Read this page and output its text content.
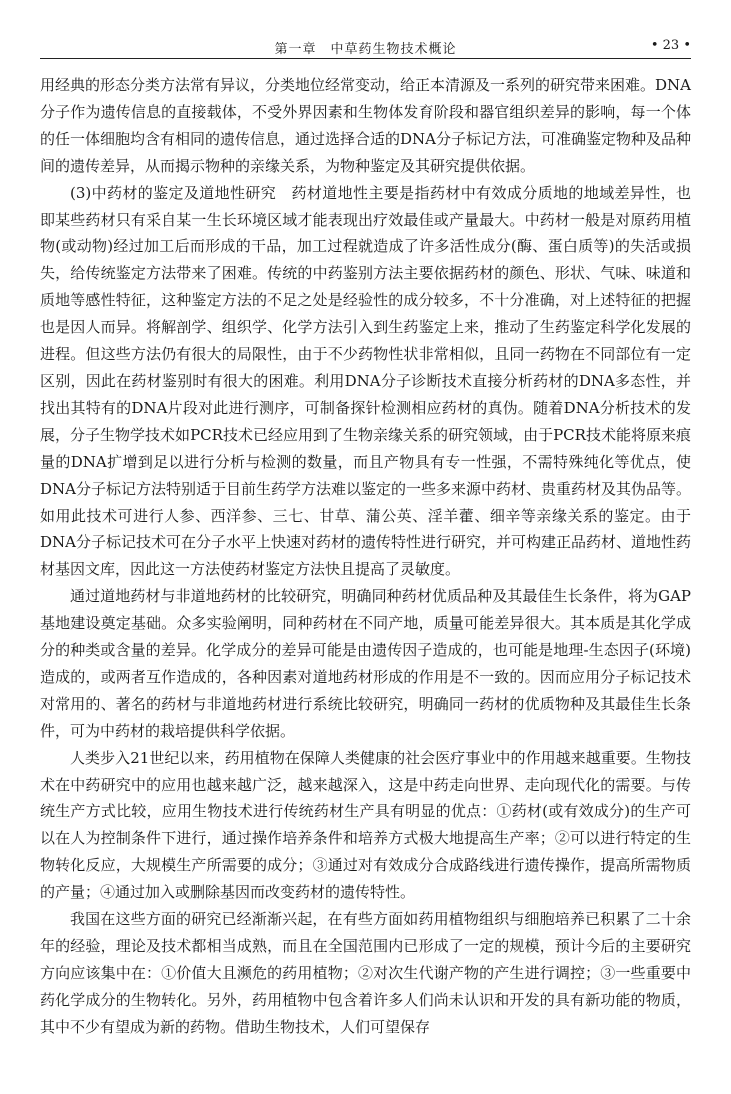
第一章　中草药生物技术概论	• 23 •

用经典的形态分类方法常有异议，分类地位经常变动，给正本清源及一系列的研究带来困难。DNA分子作为遗传信息的直接载体，不受外界因素和生物体发育阶段和器官组织差异的影响，每一个体的任一体细胞均含有相同的遗传信息，通过选择合适的DNA分子标记方法，可准确鉴定物种及品种间的遗传差异，从而揭示物种的亲缘关系，为物种鉴定及其研究提供依据。

(3)中药材的鉴定及道地性研究　药材道地性主要是指药材中有效成分质地的地域差异性，也即某些药材只有采自某一生长环境区域才能表现出疗效最佳或产量最大。中药材一般是对原药用植物(或动物)经过加工后而形成的干品，加工过程就造成了许多活性成分(酶、蛋白质等)的失活或损失，给传统鉴定方法带来了困难。传统的中药鉴别方法主要依据药材的颜色、形状、气味、味道和质地等感性特征，这种鉴定方法的不足之处是经验性的成分较多，不十分准确，对上述特征的把握也是因人而异。将解剖学、组织学、化学方法引入到生药鉴定上来，推动了生药鉴定科学化发展的进程。但这些方法仍有很大的局限性，由于不少药物性状非常相似，且同一药物在不同部位有一定区别，因此在药材鉴别时有很大的困难。利用DNA分子诊断技术直接分析药材的DNA多态性，并找出其特有的DNA片段对此进行测序，可制备探针检测相应药材的真伪。随着DNA分析技术的发展，分子生物学技术如PCR技术已经应用到了生物亲缘关系的研究领域，由于PCR技术能将原来痕量的DNA扩增到足以进行分析与检测的数量，而且产物具有专一性强，不需特殊纯化等优点，使DNA分子标记方法特别适于目前生药学方法难以鉴定的一些多来源中药材、贵重药材及其伪品等。如用此技术可进行人参、西洋参、三七、甘草、蒲公英、淫羊藿、细辛等亲缘关系的鉴定。由于DNA分子标记技术可在分子水平上快速对药材的遗传特性进行研究，并可构建正品药材、道地性药材基因文库，因此这一方法使药材鉴定方法快且提高了灵敏度。

通过道地药材与非道地药材的比较研究，明确同种药材优质品种及其最佳生长条件，将为GAP基地建设奠定基础。众多实验阐明，同种药材在不同产地，质量可能差异很大。其本质是其化学成分的种类或含量的差异。化学成分的差异可能是由遗传因子造成的，也可能是地理-生态因子(环境)造成的，或两者互作造成的，各种因素对道地药材形成的作用是不一致的。因而应用分子标记技术对常用的、著名的药材与非道地药材进行系统比较研究，明确同一药材的优质物种及其最佳生长条件，可为中药材的栽培提供科学依据。

人类步入21世纪以来，药用植物在保障人类健康的社会医疗事业中的作用越来越重要。生物技术在中药研究中的应用也越来越广泛，越来越深入，这是中药走向世界、走向现代化的需要。与传统生产方式比较，应用生物技术进行传统药材生产具有明显的优点：①药材(或有效成分)的生产可以在人为控制条件下进行，通过操作培养条件和培养方式极大地提高生产率；②可以进行特定的生物转化反应，大规模生产所需要的成分；③通过对有效成分合成路线进行遗传操作，提高所需物质的产量；④通过加入或删除基因而改变药材的遗传特性。

我国在这些方面的研究已经渐渐兴起，在有些方面如药用植物组织与细胞培养已积累了二十余年的经验，理论及技术都相当成熟，而且在全国范围内已形成了一定的规模，预计今后的主要研究方向应该集中在：①价值大且濒危的药用植物；②对次生代谢产物的产生进行调控；③一些重要中药化学成分的生物转化。另外，药用植物中包含着许多人们尚未认识和开发的具有新功能的物质，其中不少有望成为新的药物。借助生物技术，人们可望保存
